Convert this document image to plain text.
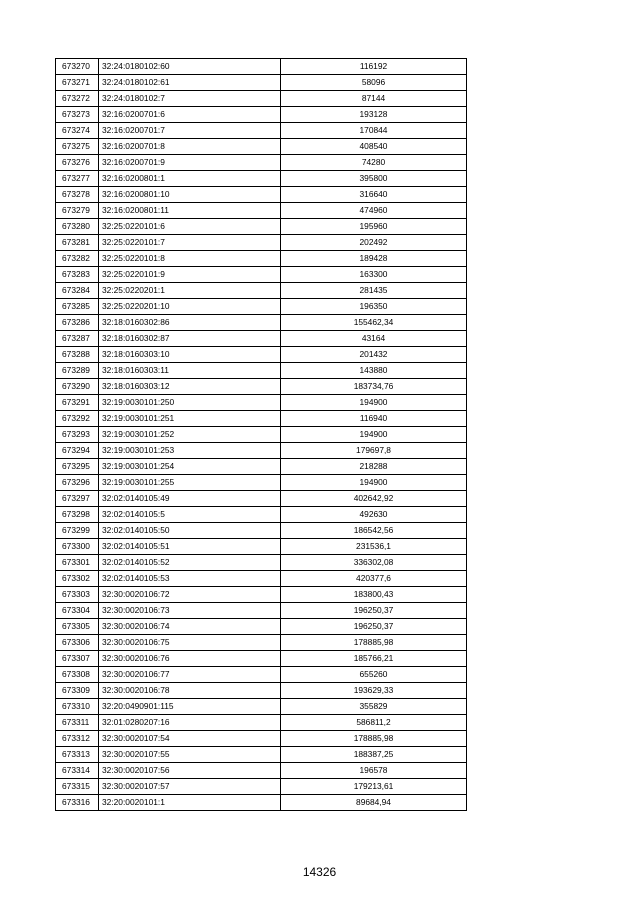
673270	32:24:0180102:60	116192
673271	32:24:0180102:61	58096
673272	32:24:0180102:7	87144
673273	32:16:0200701:6	193128
673274	32:16:0200701:7	170844
673275	32:16:0200701:8	408540
673276	32:16:0200701:9	74280
673277	32:16:0200801:1	395800
673278	32:16:0200801:10	316640
673279	32:16:0200801:11	474960
673280	32:25:0220101:6	195960
673281	32:25:0220101:7	202492
673282	32:25:0220101:8	189428
673283	32:25:0220101:9	163300
673284	32:25:0220201:1	281435
673285	32:25:0220201:10	196350
673286	32:18:0160302:86	155462,34
673287	32:18:0160302:87	43164
673288	32:18:0160303:10	201432
673289	32:18:0160303:11	143880
673290	32:18:0160303:12	183734,76
673291	32:19:0030101:250	194900
673292	32:19:0030101:251	116940
673293	32:19:0030101:252	194900
673294	32:19:0030101:253	179697,8
673295	32:19:0030101:254	218288
673296	32:19:0030101:255	194900
673297	32:02:0140105:49	402642,92
673298	32:02:0140105:5	492630
673299	32:02:0140105:50	186542,56
673300	32:02:0140105:51	231536,1
673301	32:02:0140105:52	336302,08
673302	32:02:0140105:53	420377,6
673303	32:30:0020106:72	183800,43
673304	32:30:0020106:73	196250,37
673305	32:30:0020106:74	196250,37
673306	32:30:0020106:75	178885,98
673307	32:30:0020106:76	185766,21
673308	32:30:0020106:77	655260
673309	32:30:0020106:78	193629,33
673310	32:20:0490901:115	355829
673311	32:01:0280207:16	586811,2
673312	32:30:0020107:54	178885,98
673313	32:30:0020107:55	188387,25
673314	32:30:0020107:56	196578
673315	32:30:0020107:57	179213,61
673316	32:20:0020101:1	89684,94
14326
